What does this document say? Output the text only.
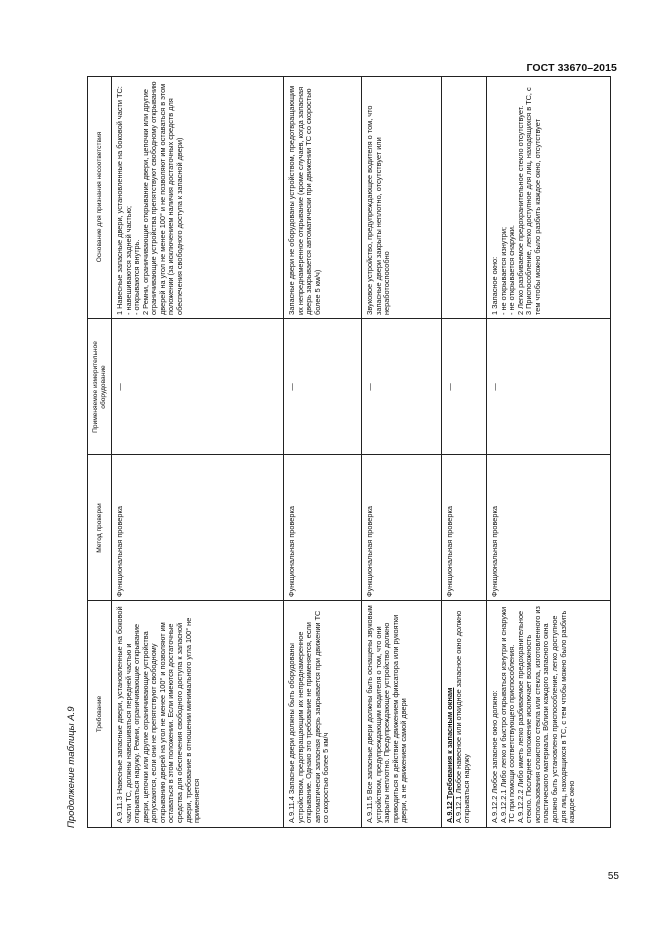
ГОСТ 33670–2015
Продолжение таблицы А.9	Требование
Метод проверки
Применяемое измерительное оборудование
Основание для признания несоответствия

А.9.11.3 Навесные запасные двери, установленные на боковой части ТС, должны навешиваться передней частью и открываться наружу. Ремни, ограничивающие открывание двери, цепочки или другие ограничивающие устройства допускаются, если они не препятствуют свободному открыванию дверей на угол не менее 100° и позволяют им оставаться в этом положении. Если имеются достаточные средства для обеспечения свободного доступа к запасной двери, требование в отношении минимального угла 100° не применяется

Функциональная проверка
—

1 Навесные запасные двери, установленные на боковой части ТС: - навешиваются задней частью; - открываются внутрь. 2 Ремни, ограничивающие открывание двери, цепочки или другие ограничивающие устройства препятствуют свободному открыванию дверей на угол не менее 100° и не позволяют им оставаться в этом положении (за исключением наличия достаточных средств для обеспечения свободного доступа к запасной двери)

А.9.11.4 Запасные двери должны быть оборудованы устройством, предотвращающим их непреднамеренное открывание. Однако это требование не применяется, если автоматически запасная дверь закрывается при движении ТС со скоростью более 5 км/ч
Функциональная проверка
—
Запасные двери не оборудованы устройством, предотвращающим их непреднамеренное открывание (кроме случаев, когда запасная дверь закрывается автоматически при движении ТС со скоростью более 5 км/ч)
А.9.11.5 Все запасные двери должны быть оснащены звуковым устройством, предупреждающим водителя о том, что они закрыты неплотно. Предупреждающее устройство должно приводиться в действие движением фиксатора или рукоятки двери, а не движением самой двери
Функциональная проверка
—
Звуковое устройство, предупреждающее водителя о том, что запасные двери закрыты неплотно, отсутствует или неработоспособно

А.9.12 Требования к запасным окнам А.9.12.1 Любое навесное или откидное запасное окно должно открываться наружу

Функциональная проверка
—

А.9.12.2 Любое запасное окно должно: А.9.12.2.1 Либо легко и быстро открываться изнутри и снаружи ТС при помощи соответствующего приспособления. А.9.12.2.2 Либо иметь легко разбиваемое предохранительное стекло. Последнее положение исключает возможность использования слоистого стекла или стекла, изготовленного из пластического материала. Вблизи каждого запасного окна должно быть установлено приспособление, легко доступное для лиц, находящихся в ТС, с тем чтобы можно было разбить каждое окно

Функциональная проверка
—

1 Запасное окно: - не открывается изнутри; - не открывается снаружи. 2 Легко разбиваемое предохранительное стекло отсутствует. 3 Приспособление, легко доступное для лиц, находящихся в ТС, с тем чтобы можно было разбить каждое окно, отсутствует

55
